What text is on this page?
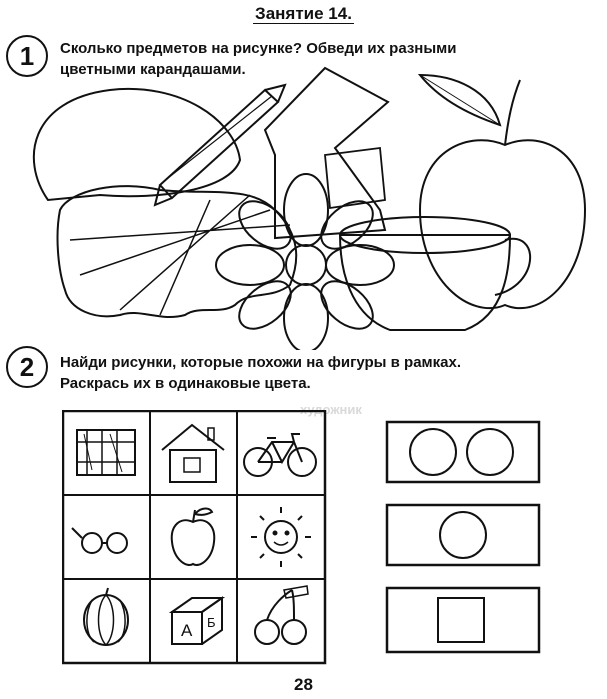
художник
Занятие 14.
1	Сколько предметов на рисунке? Обведи их разными
цветными карандашами.
2	Найди рисунки, которые похожи на фигуры в рамках.
Раскрась их в одинаковые цвета.
А Б
28
